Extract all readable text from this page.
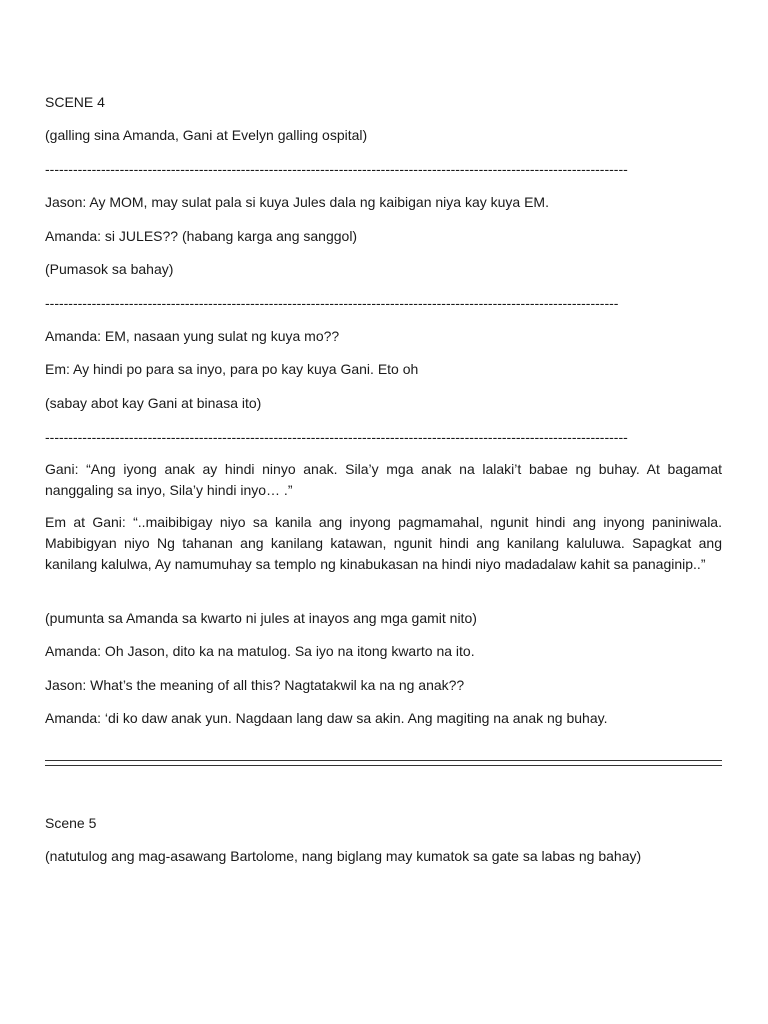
SCENE 4
(galling sina Amanda, Gani at Evelyn galling ospital)
-----------------------------------------------------------------------------------------------------------------------------
Jason: Ay MOM, may sulat pala si kuya Jules dala ng kaibigan niya kay kuya EM.
Amanda: si JULES?? (habang karga ang sanggol)
(Pumasok sa bahay)
---------------------------------------------------------------------------------------------------------------------------
Amanda: EM, nasaan yung sulat ng kuya mo??
Em: Ay hindi po para sa inyo, para po kay kuya Gani. Eto oh
(sabay abot kay Gani at binasa ito)
-----------------------------------------------------------------------------------------------------------------------------
Gani: “Ang iyong anak ay hindi ninyo anak. Sila’y mga anak na lalaki’t babae ng buhay. At bagamat nanggaling sa inyo, Sila’y hindi inyo… .”
Em at Gani: “..maibibigay niyo sa kanila ang inyong pagmamahal, ngunit hindi ang inyong paniniwala. Mabibigyan niyo Ng tahanan ang kanilang katawan, ngunit hindi ang kanilang kaluluwa. Sapagkat ang kanilang kalulwa, Ay namumuhay sa templo ng kinabukasan na hindi niyo madadalaw kahit sa panaginip..”
(pumunta sa Amanda sa kwarto ni jules at inayos ang mga gamit nito)
Amanda: Oh Jason, dito ka na matulog. Sa iyo na itong kwarto na ito.
Jason: What’s the meaning of all this? Nagtatakwil ka na ng anak??
Amanda: ‘di ko daw anak yun. Nagdaan lang daw sa akin. Ang magiting na anak ng buhay.
Scene 5
(natutulog ang mag-asawang Bartolome, nang biglang may kumatok sa gate sa labas ng bahay)
